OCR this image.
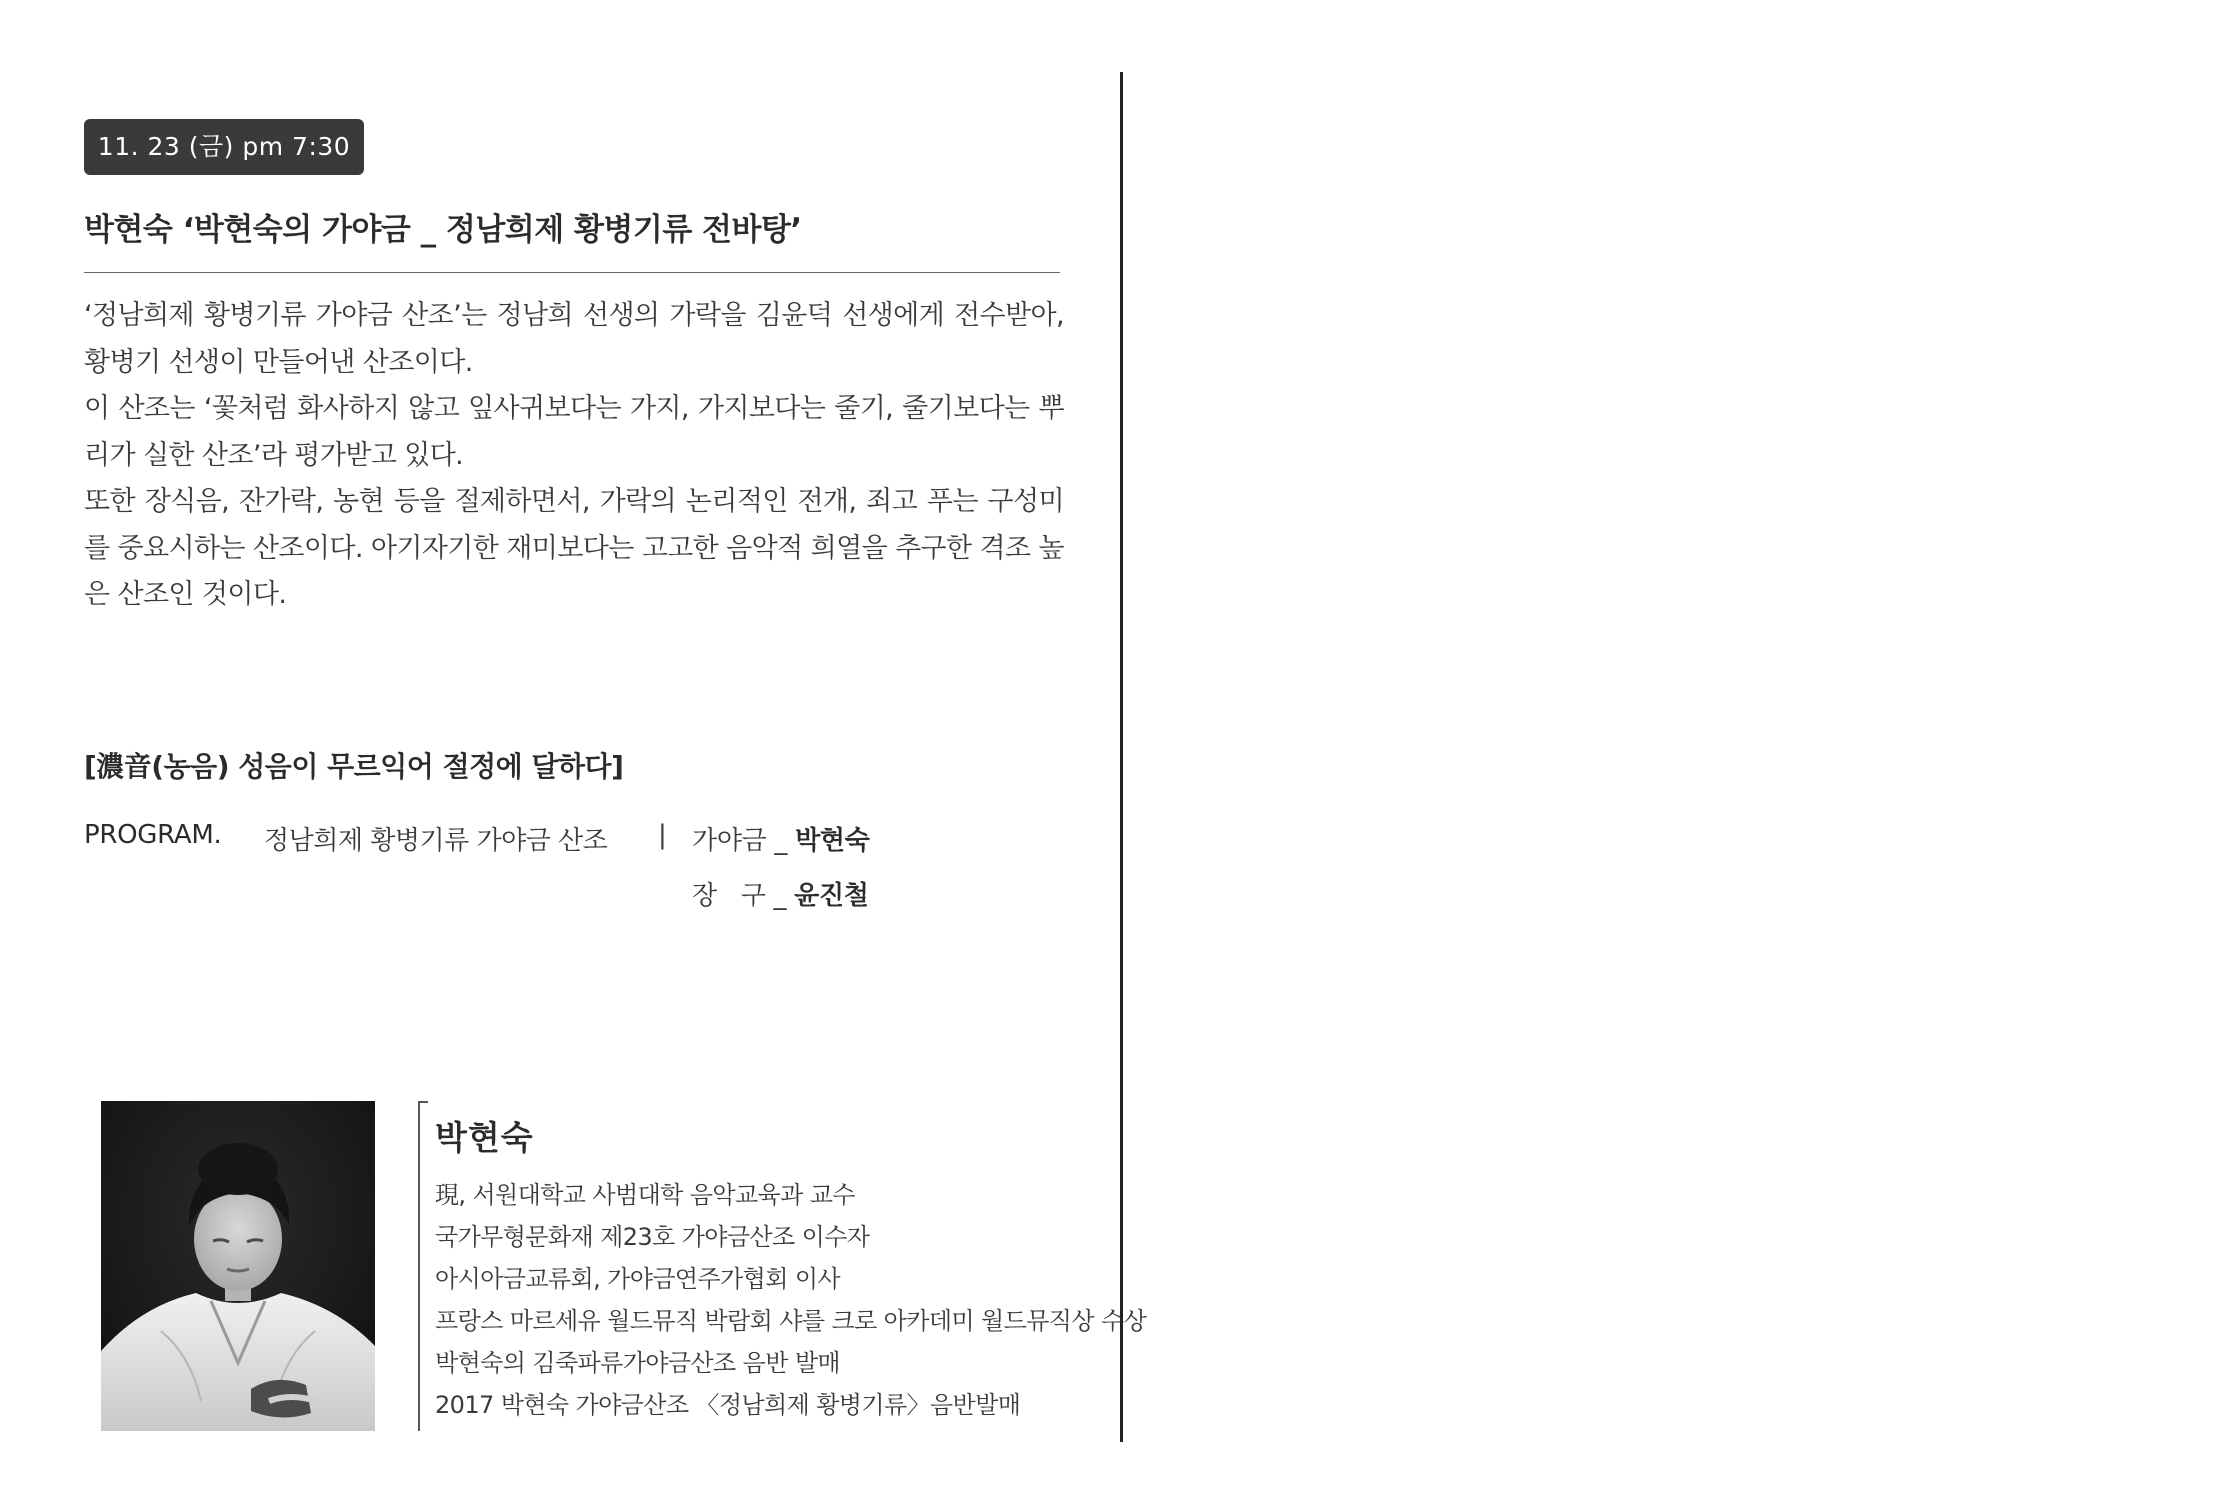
11. 23 (금) pm 7:30
박현숙 ‘박현숙의 가야금 _ 정남희제 황병기류 전바탕’

‘정남희제 황병기류 가야금 산조’는 정남희 선생의 가락을 김윤덕 선생에게 전수받아, 황병기 선생이 만들어낸 산조이다.

이 산조는 ‘꽃처럼 화사하지 않고 잎사귀보다는 가지, 가지보다는 줄기, 줄기보다는 뿌리가 실한 산조’라 평가받고 있다.

또한 장식음, 잔가락, 농현 등을 절제하면서, 가락의 논리적인 전개, 죄고 푸는 구성미를 중요시하는 산조이다. 아기자기한 재미보다는 고고한 음악적 희열을 추구한 격조 높은 산조인 것이다.

[濃音(농음) 성음이 무르익어 절정에 달하다]
PROGRAM. 정남희제 황병기류 가야금 산조 | 가야금 _ 박현숙
장   구 _ 윤진철
박현숙
現, 서원대학교 사범대학 음악교육과 교수
국가무형문화재 제23호 가야금산조 이수자
아시아금교류회, 가야금연주가협회 이사
프랑스 마르세유 월드뮤직 박람회 샤를 크로 아카데미 월드뮤직상 수상
박현숙의 김죽파류가야금산조 음반 발매
2017 박현숙 가야금산조 〈정남희제 황병기류〉음반발매
